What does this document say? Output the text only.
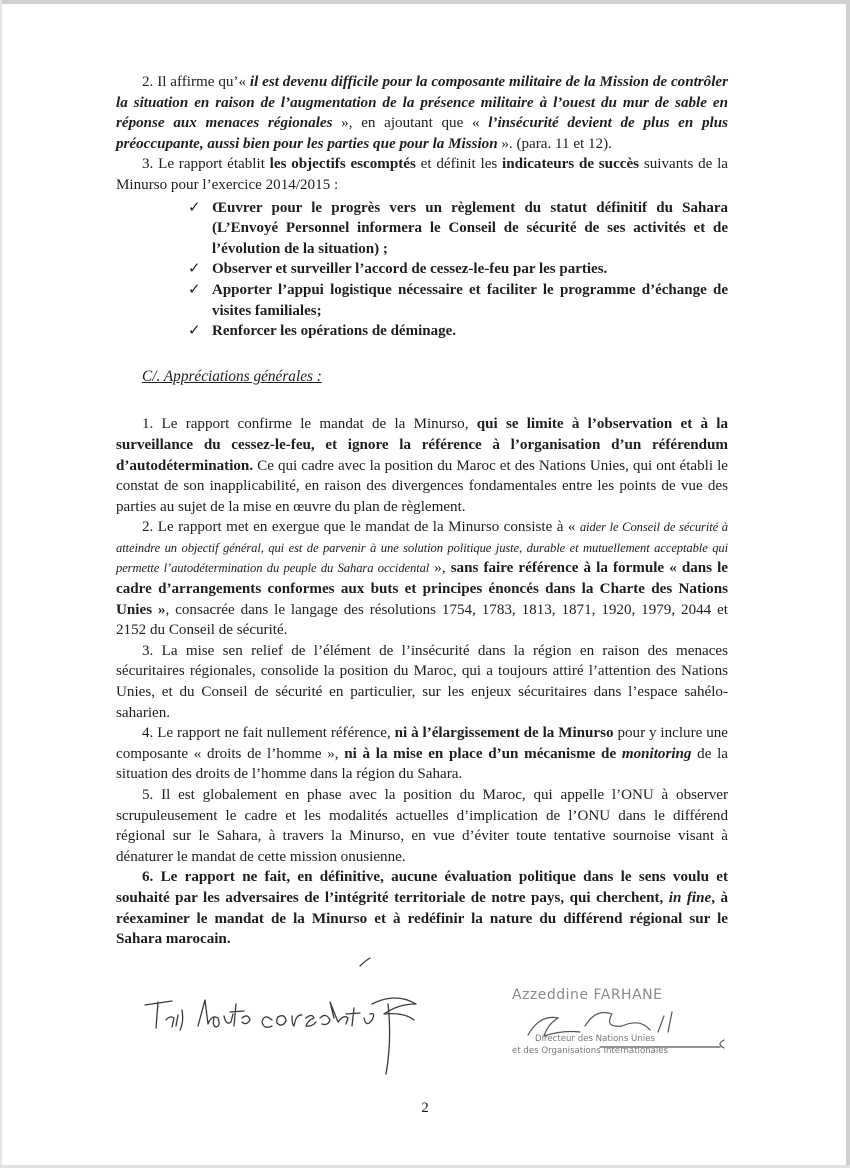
2. Il affirme qu’« il est devenu difficile pour la composante militaire de la Mission de contrôler la situation en raison de l’augmentation de la présence militaire à l’ouest du mur de sable en réponse aux menaces régionales », en ajoutant que « l’insécurité devient de plus en plus préoccupante, aussi bien pour les parties que pour la Mission ». (para. 11 et 12).

3. Le rapport établit les objectifs escomptés et définit les indicateurs de succès suivants de la Minurso pour l’exercice 2014/2015 :

✓ Œuvrer pour le progrès vers un règlement du statut définitif du Sahara (L’Envoyé Personnel informera le Conseil de sécurité de ses activités et de l’évolution de la situation) ;
✓ Observer et surveiller l’accord de cessez-le-feu par les parties.
✓ Apporter l’appui logistique nécessaire et faciliter le programme d’échange de visites familiales;
✓ Renforcer les opérations de déminage.
C/. Appréciations générales :

1. Le rapport confirme le mandat de la Minurso, qui se limite à l’observation et à la surveillance du cessez-le-feu, et ignore la référence à l’organisation d’un référendum d’autodétermination. Ce qui cadre avec la position du Maroc et des Nations Unies, qui ont établi le constat de son inapplicabilité, en raison des divergences fondamentales entre les points de vue des parties au sujet de la mise en œuvre du plan de règlement.

2. Le rapport met en exergue que le mandat de la Minurso consiste à « aider le Conseil de sécurité à atteindre un objectif général, qui est de parvenir à une solution politique juste, durable et mutuellement acceptable qui permette l’autodétermination du peuple du Sahara occidental », sans faire référence à la formule « dans le cadre d’arrangements conformes aux buts et principes énoncés dans la Charte des Nations Unies », consacrée dans le langage des résolutions 1754, 1783, 1813, 1871, 1920, 1979, 2044 et 2152 du Conseil de sécurité.

3. La mise sen relief de l’élément de l’insécurité dans la région en raison des menaces sécuritaires régionales, consolide la position du Maroc, qui a toujours attiré l’attention des Nations Unies, et du Conseil de sécurité en particulier, sur les enjeux sécuritaires dans l’espace sahélo-saharien.

4. Le rapport ne fait nullement référence, ni à l’élargissement de la Minurso pour y inclure une composante « droits de l’homme », ni à la mise en place d’un mécanisme de monitoring de la situation des droits de l’homme dans la région du Sahara.

5. Il est globalement en phase avec la position du Maroc, qui appelle l’ONU à observer scrupuleusement le cadre et les modalités actuelles d’implication de l’ONU dans le différend régional sur le Sahara, à travers la Minurso, en vue d’éviter toute tentative sournoise visant à dénaturer le mandat de cette mission onusienne.

6. Le rapport ne fait, en définitive, aucune évaluation politique dans le sens voulu et souhaité par les adversaires de l’intégrité territoriale de notre pays, qui cherchent, in fine, à réexaminer le mandat de la Minurso et à redéfinir la nature du différend régional sur le Sahara marocain.

Azzeddine FARHANE
Directeur des Nations Unies
et des Organisations Internationales
2
